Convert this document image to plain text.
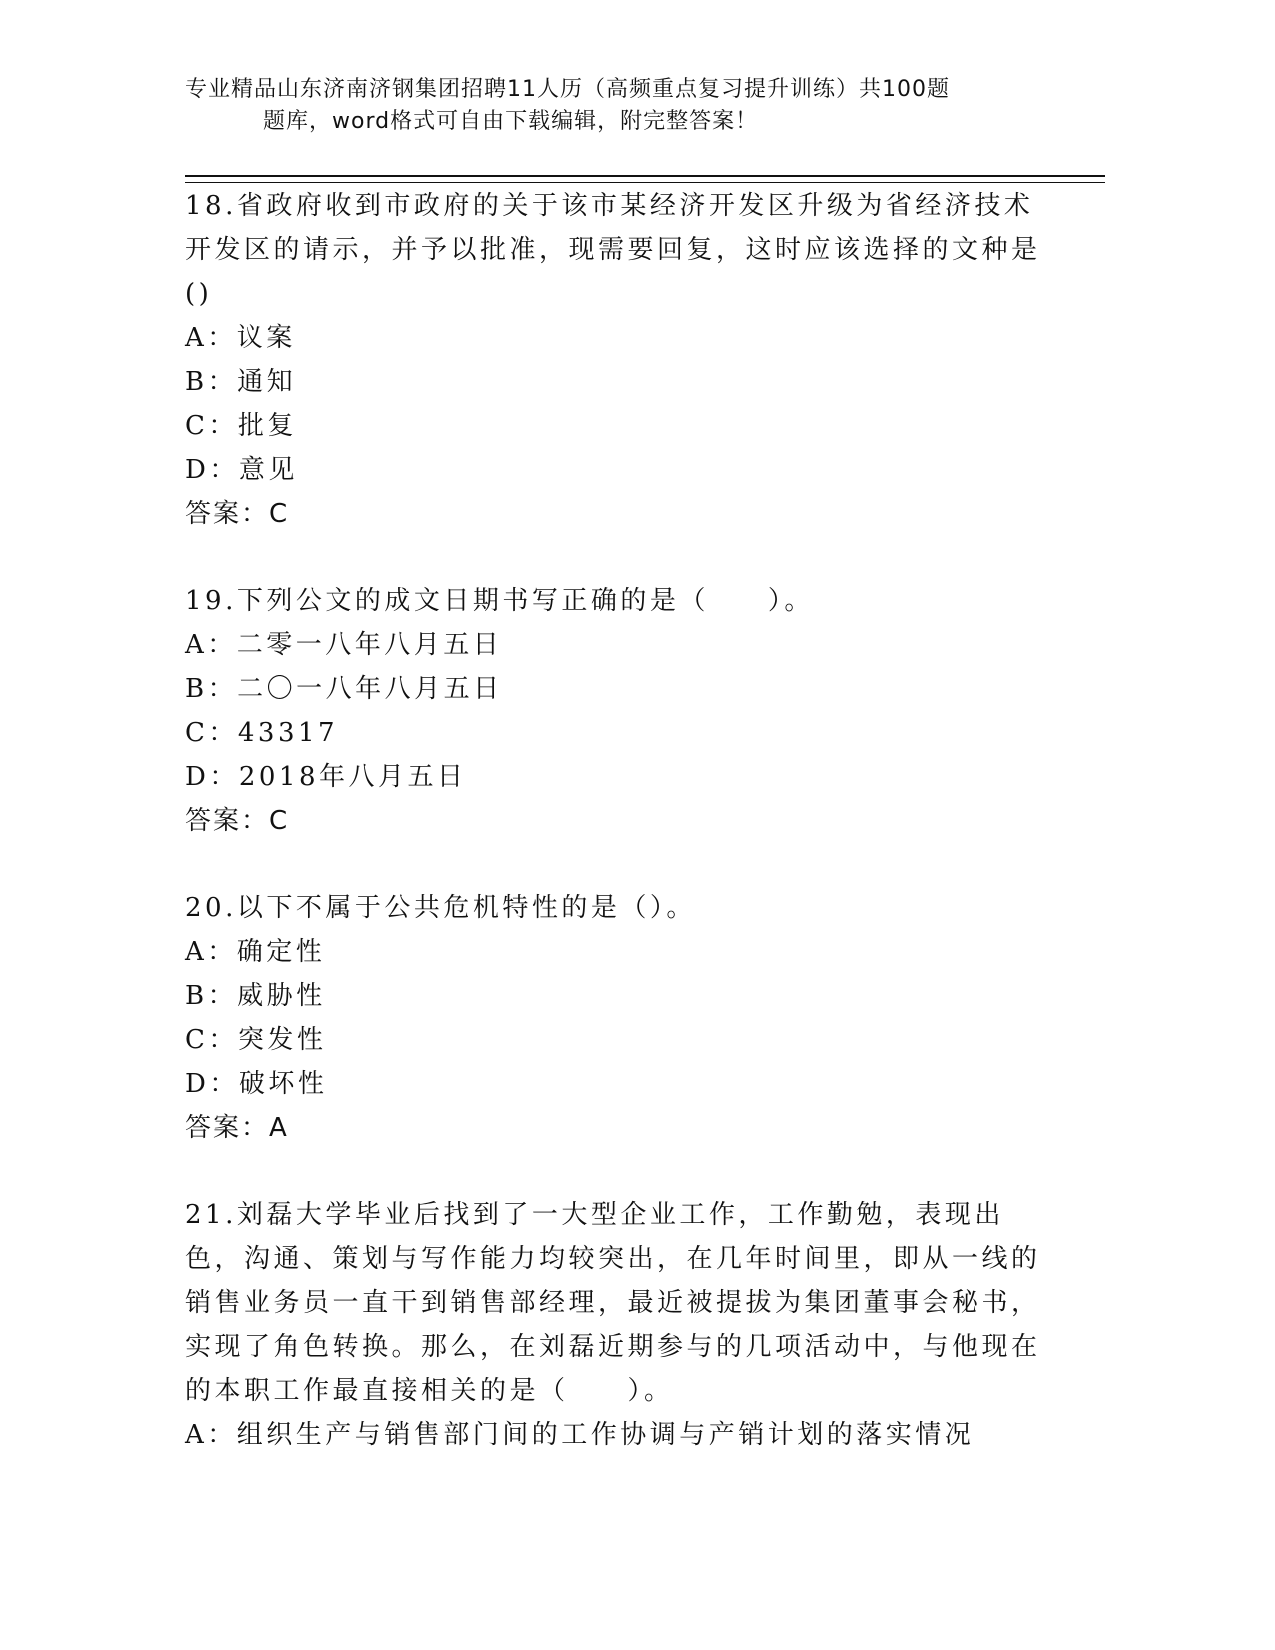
专业精品山东济南济钢集团招聘11人历（高频重点复习提升训练）共100题
题库，word格式可自由下载编辑，附完整答案！

18.省政府收到市政府的关于该市某经济开发区升级为省经济技术开发区的请示，并予以批准，现需要回复，这时应该选择的文种是()

A：议案

B：通知

C：批复

D：意见

答案：C

19.下列公文的成文日期书写正确的是（　　）。

A：二零一八年八月五日

B：二〇一八年八月五日

C：43317

D：2018年八月五日

答案：C

20.以下不属于公共危机特性的是（）。

A：确定性

B：威胁性

C：突发性

D：破坏性

答案：A

21.刘磊大学毕业后找到了一大型企业工作，工作勤勉，表现出色，沟通、策划与写作能力均较突出，在几年时间里，即从一线的销售业务员一直干到销售部经理，最近被提拔为集团董事会秘书，实现了角色转换。那么，在刘磊近期参与的几项活动中，与他现在的本职工作最直接相关的是（　　）。

A：组织生产与销售部门间的工作协调与产销计划的落实情况
